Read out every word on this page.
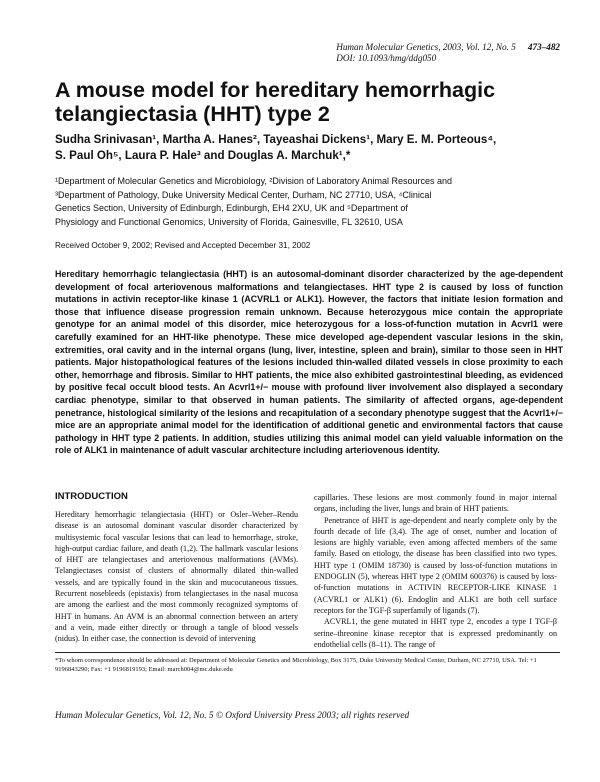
Human Molecular Genetics, 2003, Vol. 12, No. 5 473–482
DOI: 10.1093/hmg/ddg050
A mouse model for hereditary hemorrhagic telangiectasia (HHT) type 2
Sudha Srinivasan¹, Martha A. Hanes², Tayeashai Dickens¹, Mary E. M. Porteous⁴,
S. Paul Oh⁵, Laura P. Hale³ and Douglas A. Marchuk¹,*
¹Department of Molecular Genetics and Microbiology, ²Division of Laboratory Animal Resources and
³Department of Pathology, Duke University Medical Center, Durham, NC 27710, USA, ⁴Clinical
Genetics Section, University of Edinburgh, Edinburgh, EH4 2XU, UK and ⁵Department of
Physiology and Functional Genomics, University of Florida, Gainesville, FL 32610, USA
Received October 9, 2002; Revised and Accepted December 31, 2002
Hereditary hemorrhagic telangiectasia (HHT) is an autosomal-dominant disorder characterized by the age-dependent development of focal arteriovenous malformations and telangiectases. HHT type 2 is caused by loss of function mutations in activin receptor-like kinase 1 (ACVRL1 or ALK1). However, the factors that initiate lesion formation and those that influence disease progression remain unknown. Because heterozygous mice contain the appropriate genotype for an animal model of this disorder, mice heterozygous for a loss-of-function mutation in Acvrl1 were carefully examined for an HHT-like phenotype. These mice developed age-dependent vascular lesions in the skin, extremities, oral cavity and in the internal organs (lung, liver, intestine, spleen and brain), similar to those seen in HHT patients. Major histopathological features of the lesions included thin-walled dilated vessels in close proximity to each other, hemorrhage and fibrosis. Similar to HHT patients, the mice also exhibited gastrointestinal bleeding, as evidenced by positive fecal occult blood tests. An Acvrl1+/− mouse with profound liver involvement also displayed a secondary cardiac phenotype, similar to that observed in human patients. The similarity of affected organs, age-dependent penetrance, histological similarity of the lesions and recapitulation of a secondary phenotype suggest that the Acvrl1+/− mice are an appropriate animal model for the identification of additional genetic and environmental factors that cause pathology in HHT type 2 patients. In addition, studies utilizing this animal model can yield valuable information on the role of ALK1 in maintenance of adult vascular architecture including arteriovenous identity.
INTRODUCTION

Hereditary hemorrhagic telangiectasia (HHT) or Osler–Weber–Rendu disease is an autosomal dominant vascular disorder characterized by multisystemic focal vascular lesions that can lead to hemorrhage, stroke, high-output cardiac failure, and death (1,2). The hallmark vascular lesions of HHT are telangiectases and arteriovenous malformations (AVMs). Telangiectases consist of clusters of abnormally dilated thin-walled vessels, and are typically found in the skin and mucocutaneous tissues. Recurrent nosebleeds (epistaxis) from telangiectases in the nasal mucosa are among the earliest and the most commonly recognized symptoms of HHT in humans. An AVM is an abnormal connection between an artery and a vein, made either directly or through a tangle of blood vessels (nidus). In either case, the connection is devoid of intervening

capillaries. These lesions are most commonly found in major internal organs, including the liver, lungs and brain of HHT patients.

Penetrance of HHT is age-dependent and nearly complete only by the fourth decade of life (3,4). The age of onset, number and location of lesions are highly variable, even among affected members of the same family. Based on etiology, the disease has been classified into two types. HHT type 1 (OMIM 18730) is caused by loss-of-function mutations in ENDOGLIN (5), whereas HHT type 2 (OMIM 600376) is caused by loss-of-function mutations in ACTIVIN RECEPTOR-LIKE KINASE 1 (ACVRL1 or ALK1) (6). Endoglin and ALK1 are both cell surface receptors for the TGF-β superfamily of ligands (7).

ACVRL1, the gene mutated in HHT type 2, encodes a type I TGF-β serine–threonine kinase receptor that is expressed predominantly on endothelial cells (8–11). The range of

*To whom correspondence should be addressed at: Department of Molecular Genetics and Microbiology, Box 3175, Duke University Medical Center, Durham, NC 27710, USA. Tel: +1 9196843290; Fax: +1 9196819193; Email: march004@mc.duke.edu
Human Molecular Genetics, Vol. 12, No. 5 © Oxford University Press 2003; all rights reserved
